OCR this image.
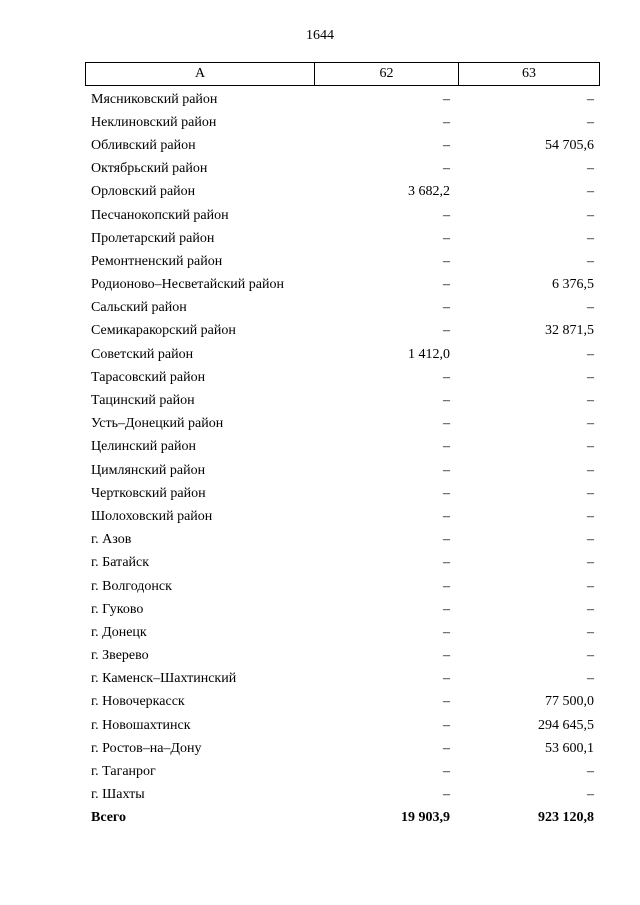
1644
А	62	63
Мясниковский район	–	–
Неклиновский район	–	–
Обливский район	–	54 705,6
Октябрьский район	–	–
Орловский район	3 682,2	–
Песчанокопский район	–	–
Пролетарский район	–	–
Ремонтненский район	–	–
Родионово–Несветайский район	–	6 376,5
Сальский район	–	–
Семикаракорский район	–	32 871,5
Советский район	1 412,0	–
Тарасовский район	–	–
Тацинский район	–	–
Усть–Донецкий район	–	–
Целинский район	–	–
Цимлянский район	–	–
Чертковский район	–	–
Шолоховский район	–	–
г. Азов	–	–
г. Батайск	–	–
г. Волгодонск	–	–
г. Гуково	–	–
г. Донецк	–	–
г. Зверево	–	–
г. Каменск–Шахтинский	–	–
г. Новочеркасск	–	77 500,0
г. Новошахтинск	–	294 645,5
г. Ростов–на–Дону	–	53 600,1
г. Таганрог	–	–
г. Шахты	–	–
Всего	19 903,9	923 120,8
